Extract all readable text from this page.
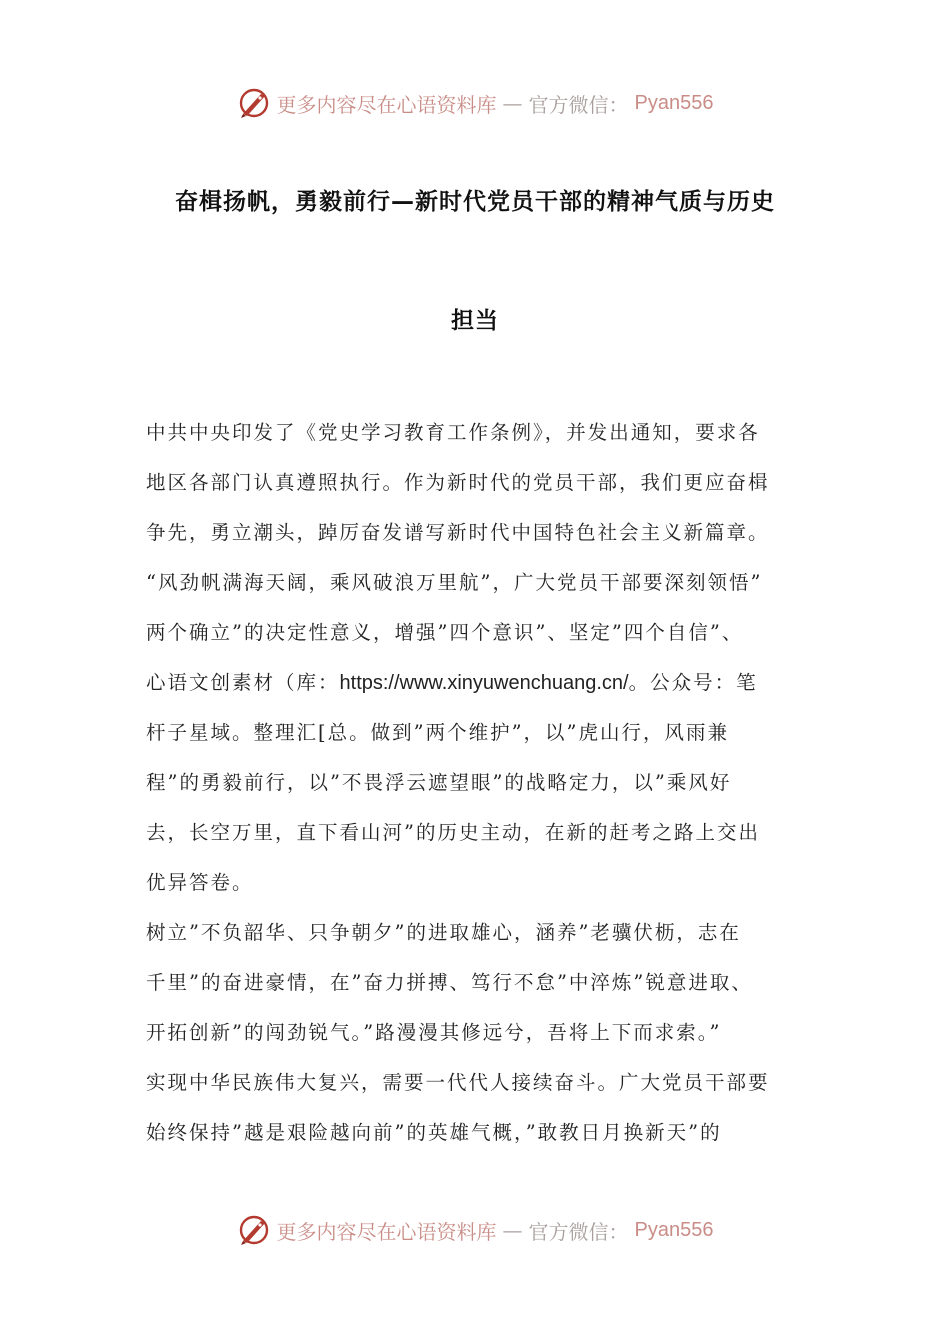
更多内容尽在心语资料库 — 官方微信： Pyan556
奋楫扬帆，勇毅前行—新时代党员干部的精神气质与历史
担当
中共中央印发了《党史学习教育工作条例》，并发出通知，要求各
地区各部门认真遵照执行。作为新时代的党员干部，我们更应奋楫
争先，勇立潮头，踔厉奋发谱写新时代中国特色社会主义新篇章。
“风劲帆满海天阔，乘风破浪万里航”，广大党员干部要深刻领悟”
两个确立”的决定性意义，增强”四个意识”、坚定”四个自信”、
心语文创素材（库：https://www.xinyuwenchuang.cn/。公众号：笔
杆子星域。整理汇[总。做到”两个维护”，以”虎山行，风雨兼
程”的勇毅前行，以”不畏浮云遮望眼”的战略定力，以”乘风好
去，长空万里，直下看山河”的历史主动，在新的赶考之路上交出
优异答卷。
树立”不负韶华、只争朝夕”的进取雄心，涵养”老骥伏枥，志在
千里”的奋进豪情，在”奋力拼搏、笃行不怠”中淬炼”锐意进取、
开拓创新”的闯劲锐气。”路漫漫其修远兮，吾将上下而求索。”
实现中华民族伟大复兴，需要一代代人接续奋斗。广大党员干部要
始终保持”越是艰险越向前”的英雄气概，”敢教日月换新天”的
更多内容尽在心语资料库 — 官方微信： Pyan556
